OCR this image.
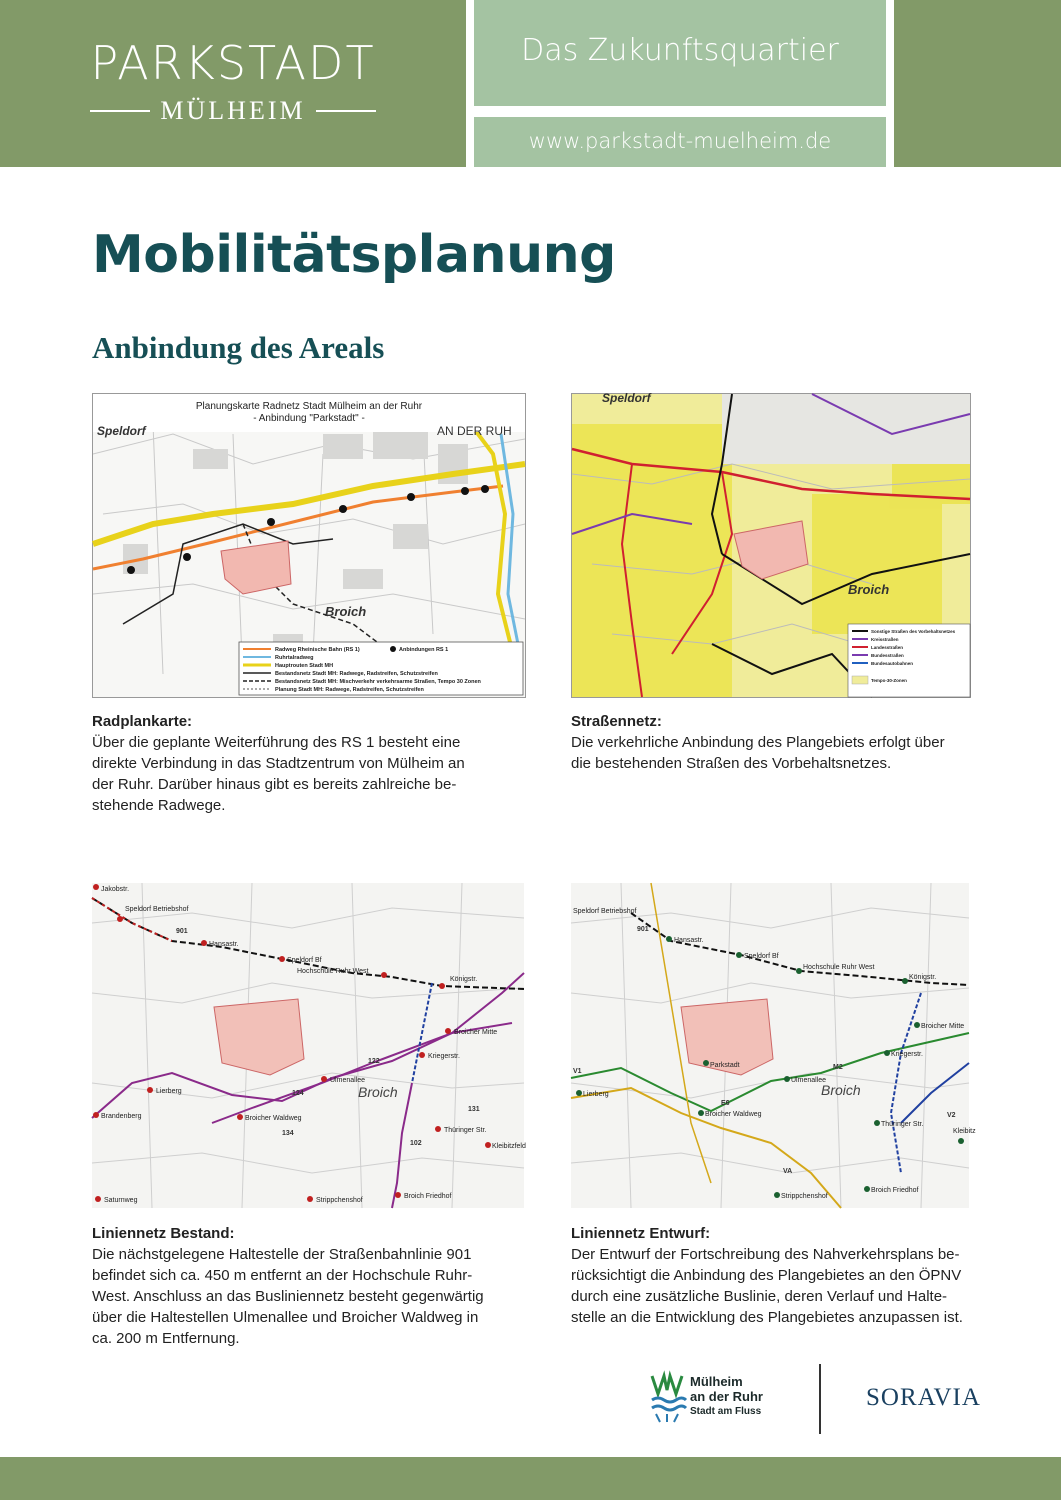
PARKSTADT
MÜLHEIM
Das Zukunftsquartier
www.parkstadt-muelheim.de
Mobilitätsplanung
Anbindung des Areals
Planungskarte Radnetz Stadt Mülheim an der Ruhr
- Anbindung "Parkstadt" -
Speldorf	AN DER RUH
Broich
Radweg Rheinische Bahn (RS 1)
Ruhrtalradweg
Hauptrouten Stadt MH
Bestandsnetz Stadt MH: Radwege, Radstreifen, Schutzstreifen
Bestandsnetz Stadt MH: Mischverkehr verkehrsarme Straßen, Tempo 30 Zonen
Planung Stadt MH: Radwege, Radstreifen, Schutzstreifen
Anbindungen RS 1
Speldorf
Broich
Sonstige Straßen des Vorbehaltsnetzes
Kreisstraßen
Landesstraßen
Bundesstraßen
Bundesautobahnen
Tempo-30-Zonen
Jakobstr.
Speldorf Betriebshof
Hansastr.
Speldorf Bf
Hochschule Ruhr West
Königstr.
Broicher Mitte
Kriegerstr.
Ulmenallee
Lierberg
Brandenberg	Broicher Waldweg
Thüringer Str.
Kleibitzfeld
Saturnweg	Strippchenshof
Broich Friedhof
901
122
124
131
134
102
Broich
Speldorf Betriebshof
Hansastr.
Speldorf Bf
Hochschule Ruhr West
Königstr.
Broicher Mitte
Kriegerstr.
Ulmenallee
Lierberg
Broicher Waldweg
Thüringer Str.
Kleibitz
Strippchenshof
Broich Friedhof
Parkstadt
901
M2
V1
E6
VA
V2
Broich
Radplankarte:
Über die geplante Weiterführung des RS 1 besteht eine
direkte Verbindung in das Stadtzentrum von Mülheim an
der Ruhr. Darüber hinaus gibt es bereits zahlreiche be-
stehende Radwege.
Straßennetz:
Die verkehrliche Anbindung des Plangebiets erfolgt über
die bestehenden Straßen des Vorbehaltsnetzes.
Liniennetz Bestand:
Die nächstgelegene Haltestelle der Straßenbahnlinie 901
befindet sich ca. 450 m entfernt an der Hochschule Ruhr-
West. Anschluss an das Busliniennetz besteht gegenwärtig
über die Haltestellen Ulmenallee und Broicher Waldweg in
ca. 200 m Entfernung.
Liniennetz Entwurf:
Der Entwurf der Fortschreibung des Nahverkehrsplans be-
rücksichtigt die Anbindung des Plangebietes an den ÖPNV
durch eine zusätzliche Buslinie, deren Verlauf und Halte-
stelle an die Entwicklung des Plangebietes anzupassen ist.
Mülheim
an der Ruhr
Stadt am Fluss
SORAVIA
